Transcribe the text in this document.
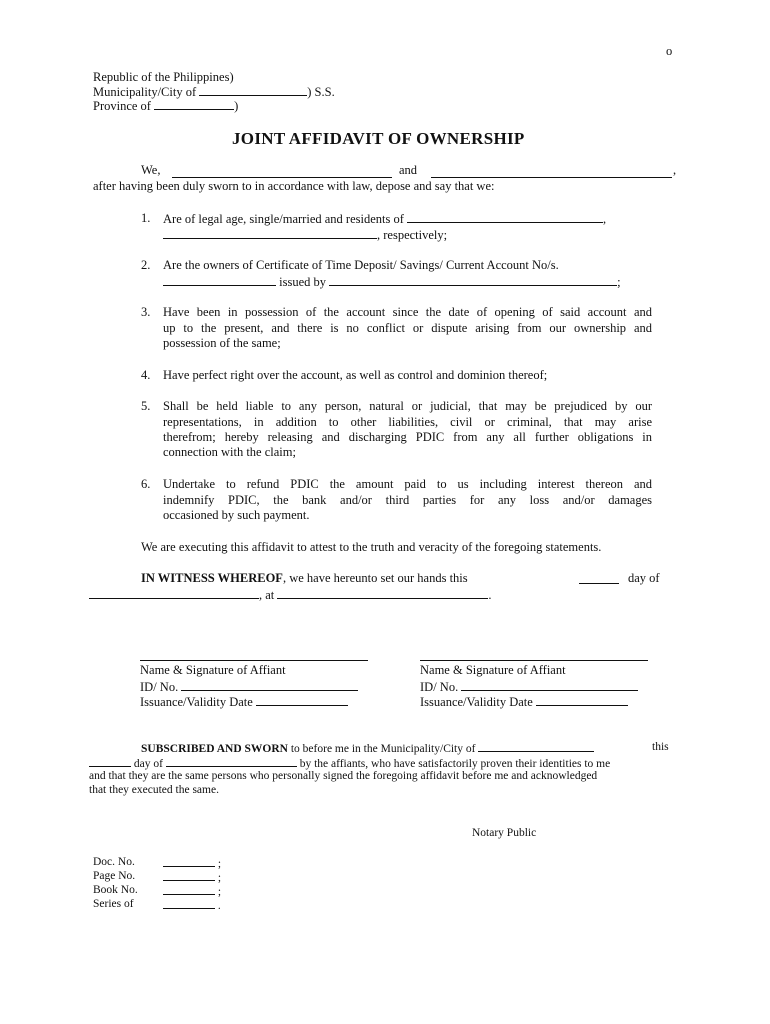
o
Republic of the Philippines)
Municipality/City of	) S.S.
Province of	)
JOINT AFFIDAVIT OF OWNERSHIP
We,	and	,
after having been duly sworn to in accordance with law, depose and say that we:
1.	Are of legal age, single/married and residents of	,
, respectively;
2.	Are the owners of Certificate of Time Deposit/ Savings/ Current Account No/s.
issued by	;
3.	Have been in possession of the account since the date of opening of said account and
up to the present, and there is no conflict or dispute arising from our ownership and
possession of the same;
4.	Have perfect right over the account, as well as control and dominion thereof;
5.	Shall be held liable to any person, natural or judicial, that may be prejudiced by our
representations, in addition to other liabilities, civil or criminal, that may arise
therefrom; hereby releasing and discharging PDIC from any all further obligations in
connection with the claim;
6.	Undertake to refund PDIC the amount paid to us including interest thereon and
indemnify PDIC, the bank and/or third parties for any loss and/or damages
occasioned by such payment.
We are executing this affidavit to attest to the truth and veracity of the foregoing statements.
IN WITNESS WHEREOF, we have hereunto set our hands this	day of
, at	.
Name & Signature of Affiant
ID/ No.
Issuance/Validity Date
Name & Signature of Affiant
ID/ No.
Issuance/Validity Date
SUBSCRIBED AND SWORN to before me in the Municipality/City of	this
day of	by the affiants, who have satisfactorily proven their identities to me
and that they are the same persons who personally signed the foregoing affidavit before me and acknowledged
that they executed the same.
Notary Public
Doc. No.	;
Page No.	;
Book No.	;
Series of	.
